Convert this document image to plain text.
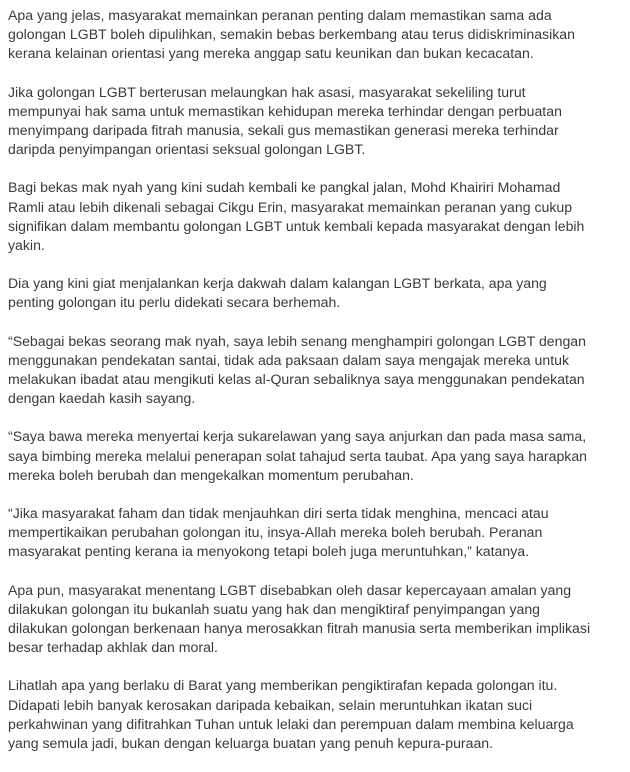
Apa yang jelas, masyarakat memainkan peranan penting dalam memastikan sama ada
golongan LGBT boleh dipulihkan, semakin bebas berkembang atau terus didiskriminasikan
kerana kelainan orientasi yang mereka anggap satu keunikan dan bukan kecacatan.

Jika golongan LGBT berterusan melaungkan hak asasi, masyarakat sekeliling turut
mempunyai hak sama untuk memastikan kehidupan mereka terhindar dengan perbuatan
menyimpang daripada fitrah manusia, sekali gus memastikan generasi mereka terhindar
daripda penyimpangan orientasi seksual golongan LGBT.

Bagi bekas mak nyah yang kini sudah kembali ke pangkal jalan, Mohd Khairiri Mohamad
Ramli atau lebih dikenali sebagai Cikgu Erin, masyarakat memainkan peranan yang cukup
signifikan dalam membantu golongan LGBT untuk kembali kepada masyarakat dengan lebih
yakin.

Dia yang kini giat menjalankan kerja dakwah dalam kalangan LGBT berkata, apa yang
penting golongan itu perlu didekati secara berhemah.

“Sebagai bekas seorang mak nyah, saya lebih senang menghampiri golongan LGBT dengan
menggunakan pendekatan santai, tidak ada paksaan dalam saya mengajak mereka untuk
melakukan ibadat atau mengikuti kelas al-Quran sebaliknya saya menggunakan pendekatan
dengan kaedah kasih sayang.

“Saya bawa mereka menyertai kerja sukarelawan yang saya anjurkan dan pada masa sama,
saya bimbing mereka melalui penerapan solat tahajud serta taubat. Apa yang saya harapkan
mereka boleh berubah dan mengekalkan momentum perubahan.

“Jika masyarakat faham dan tidak menjauhkan diri serta tidak menghina, mencaci atau
mempertikaikan perubahan golongan itu, insya-Allah mereka boleh berubah. Peranan
masyarakat penting kerana ia menyokong tetapi boleh juga meruntuhkan,” katanya.

Apa pun, masyarakat menentang LGBT disebabkan oleh dasar kepercayaan amalan yang
dilakukan golongan itu bukanlah suatu yang hak dan mengiktiraf penyimpangan yang
dilakukan golongan berkenaan hanya merosakkan fitrah manusia serta memberikan implikasi
besar terhadap akhlak dan moral.

Lihatlah apa yang berlaku di Barat yang memberikan pengiktirafan kepada golongan itu.
Didapati lebih banyak kerosakan daripada kebaikan, selain meruntuhkan ikatan suci
perkahwinan yang difitrahkan Tuhan untuk lelaki dan perempuan dalam membina keluarga
yang semula jadi, bukan dengan keluarga buatan yang penuh kepura-puraan.
